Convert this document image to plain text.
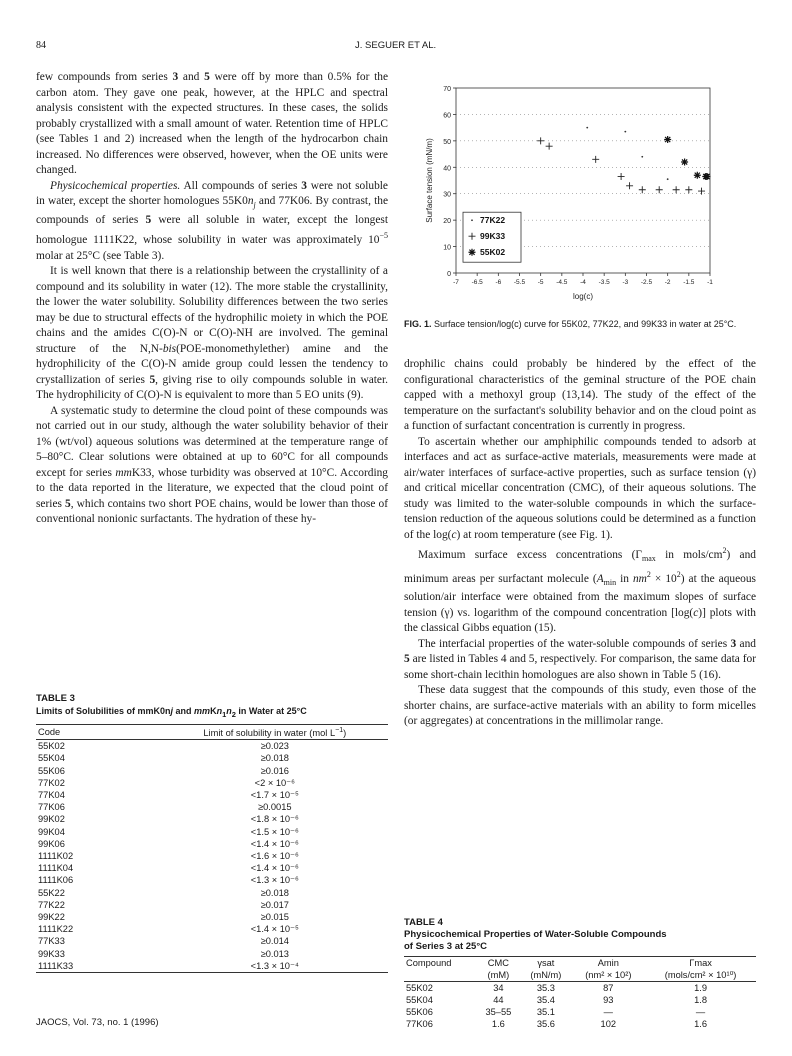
84	J. SEGUER ET AL.

few compounds from series 3 and 5 were off by more than 0.5% for the carbon atom. They gave one peak, however, at the HPLC and spectral analysis consistent with the expected structures. In these cases, the solids probably crystallized with a small amount of water. Retention time of HPLC (see Tables 1 and 2) increased when the length of the hydrocarbon chain increased. No differences were observed, however, when the OE units were changed.

Physicochemical properties. All compounds of series 3 were not soluble in water, except the shorter homologues $55K0n_j$ and 77K06. By contrast, the compounds of series 5 were all soluble in water, except the longest homologue 1111K22, whose solubility in water was approximately $10^{-5}$ molar at 25°C (see Table 3).

It is well known that there is a relationship between the crystallinity of a compound and its solubility in water (12). The more stable the crystallinity, the lower the water solubility. Solubility differences between the two series may be due to structural effects of the hydrophilic moiety in which the POE chains and the amides C(O)-N or C(O)-NH are involved. The geminal structure of the N,N-bis(POE-monomethylether) amine and the hydrophilicity of the C(O)-N amide group could lessen the tendency to crystallization of series 5, giving rise to oily compounds soluble in water. The hydrophilicity of C(O)-N is equivalent to more than 5 EO units (9).

A systematic study to determine the cloud point of these compounds was not carried out in our study, although the water solubility behavior of their 1% (wt/vol) aqueous solutions was determined at the temperature range of 5–80°C. Clear solutions were obtained at up to 60°C for all compounds except for series mmK33, whose turbidity was observed at 10°C. According to the data reported in the literature, we expected that the cloud point of series 5, which contains two short POE chains, would be lower than those of conventional nonionic surfactants. The hydration of these hy-

0
10
20
30
40
50
60
70
-7 -6.5 -6 -5.5 -5 -4.5 -4 -3.5 -3 -2.5 -2 -1.5 -1
log(c)
Surface tension (mN/m)	77K22
99K33
55K02
FIG. 1. Surface tension/log(c) curve for 55K02, 77K22, and 99K33 in water at 25°C.

drophilic chains could probably be hindered by the effect of the configurational characteristics of the geminal structure of the POE chain capped with a methoxyl group (13,14). The study of the effect of the temperature on the surfactant's solubility behavior and on the cloud point as a function of surfactant concentration is currently in progress.

To ascertain whether our amphiphilic compounds tended to adsorb at interfaces and act as surface-active materials, measurements were made at air/water interfaces of surface-active properties, such as surface tension (γ) and critical micellar concentration (CMC), of their aqueous solutions. The study was limited to the water-soluble compounds in which the surface-tension reduction of the aqueous solutions could be determined as a function of the log(c) at room temperature (see Fig. 1).

Maximum surface excess concentrations ($\Gamma_{max}$ in mols/$cm^2$) and minimum areas per surfactant molecule ($A_{min}$ in $nm^2 \times 10^2$) at the aqueous solution/air interface were obtained from the maximum slopes of surface tension (γ) vs. logarithm of the compound concentration [log(c)] plots with the classical Gibbs equation (15).

The interfacial properties of the water-soluble compounds of series 3 and 5 are listed in Tables 4 and 5, respectively. For comparison, the same data for some short-chain lecithin homologues are also shown in Table 5 (16).

These data suggest that the compounds of this study, even those of the shorter chains, are surface-active materials with an ability to form micelles (or aggregates) at concentrations in the millimolar range.

TABLE 3
Limits of Solubilities of mmK0nj and $mmKn_1n_2$ in Water at 25°C
Code	Limit of solubility in water (mol $L^{-1}$)
55K02	≥0.023
55K04	≥0.018
55K06	≥0.016
77K02	<2 × 10⁻⁶
77K04	<1.7 × 10⁻⁵
77K06	≥0.0015
99K02	<1.8 × 10⁻⁶
99K04	<1.5 × 10⁻⁶
99K06	<1.4 × 10⁻⁶
1111K02	<1.6 × 10⁻⁶
1111K04	<1.4 × 10⁻⁶
1111K06	<1.3 × 10⁻⁶
55K22	≥0.018
77K22	≥0.017
99K22	≥0.015
1111K22	<1.4 × 10⁻⁵
77K33	≥0.014
99K33	≥0.013
1111K33	<1.3 × 10⁻⁴
TABLE 4
Physicochemical Properties of Water-Soluble Compounds
of Series 3 at 25°C
Compound	CMC	γsat	Amin	Γmax
	(mM)	(mN/m)	(nm² × 10²)	(mols/cm² × 10¹⁰)
55K02	34	35.3	87	1.9
55K04	44	35.4	93	1.8
55K06	35–55	35.1	—	—
77K06	1.6	35.6	102	1.6
JAOCS, Vol. 73, no. 1 (1996)
